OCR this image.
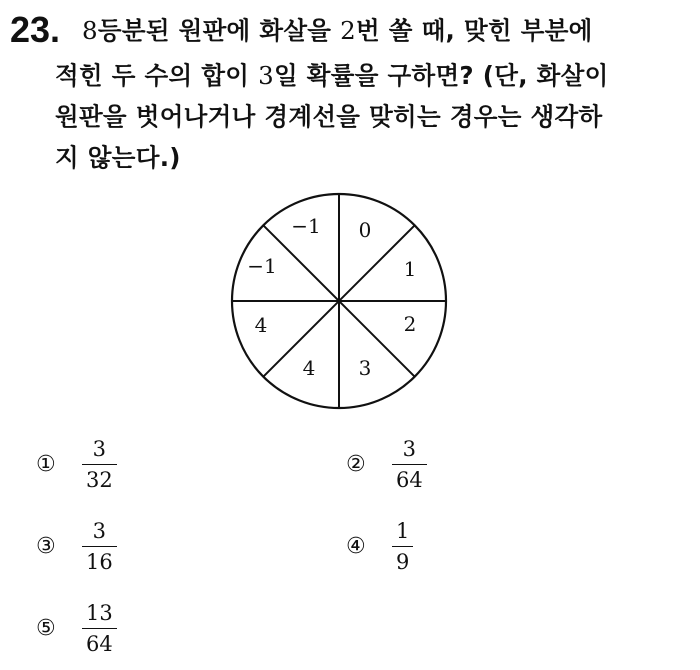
23. 8등분된 원판에 화살을 2번 쏠 때, 맞힌 부분에
적힌 두 수의 합이 3일 확률을 구하면? (단, 화살이
원판을 벗어나거나 경계선을 맞히는 경우는 생각하
지 않는다.)
0
1
2
3
4
4
−1
−1
①	$\frac{3}{32}$	②	$\frac{3}{64}$
③	$\frac{3}{16}$	④	$\frac{1}{9}$
⑤	$\frac{13}{64}$
